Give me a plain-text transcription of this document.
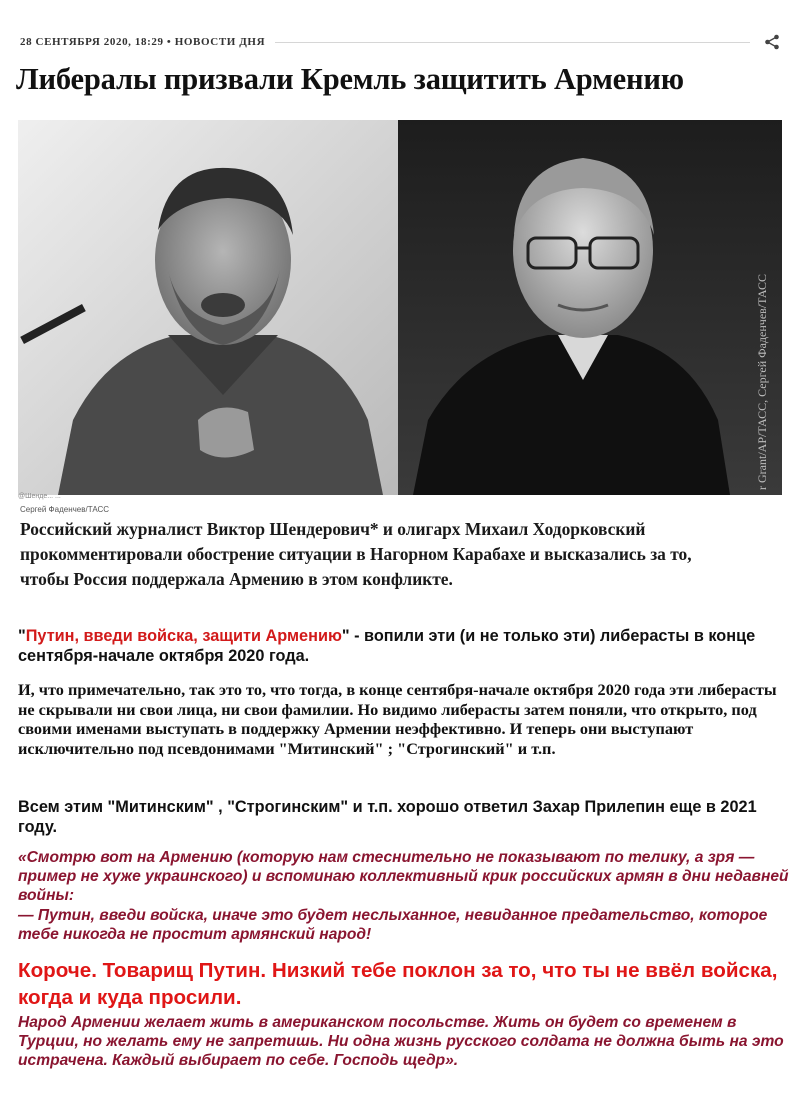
28 СЕНТЯБРЯ 2020, 18:29 • НОВОСТИ ДНЯ
Либералы призвали Кремль защитить Армению
r Grant/АР/ТАСС, Сергей Фаденчев/ТАСС
@Шенде... ...
Сергей Фаденчев/ТАСС

Российский журналист Виктор Шендерович* и олигарх Михаил Ходорковский прокомментировали обострение ситуации в Нагорном Карабахе и высказались за то, чтобы Россия поддержала Армению в этом конфликте.

"Путин, введи войска, защити Армению" - вопили эти (и не только эти) либерасты в конце сентября-начале октября 2020 года.

И, что примечательно, так это то, что тогда, в конце сентября-начале октября 2020 года эти либерасты не скрывали ни свои лица, ни свои фамилии. Но видимо либерасты затем поняли, что открыто, под своими именами выступать в поддержку Армении неэффективно. И теперь они выступают исключительно под псевдонимами "Митинский" ; "Строгинский" и т.п.

Всем этим "Митинским" , "Строгинским" и т.п. хорошо ответил Захар Прилепин еще в 2021 году.

«Смотрю вот на Армению (которую нам стеснительно не показывают по телику, а зря — пример не хуже украинского) и вспоминаю коллективный крик российских армян в дни недавней войны:

— Путин, введи войска, иначе это будет неслыханное, невиданное предательство, которое тебе никогда не простит армянский народ!

Короче. Товарищ Путин. Низкий тебе поклон за то, что ты не ввёл войска, когда и куда просили.

Народ Армении желает жить в американском посольстве. Жить он будет со временем в Турции, но желать ему не запретишь. Ни одна жизнь русского солдата не должна быть на это истрачена. Каждый выбирает по себе. Господь щедр».
